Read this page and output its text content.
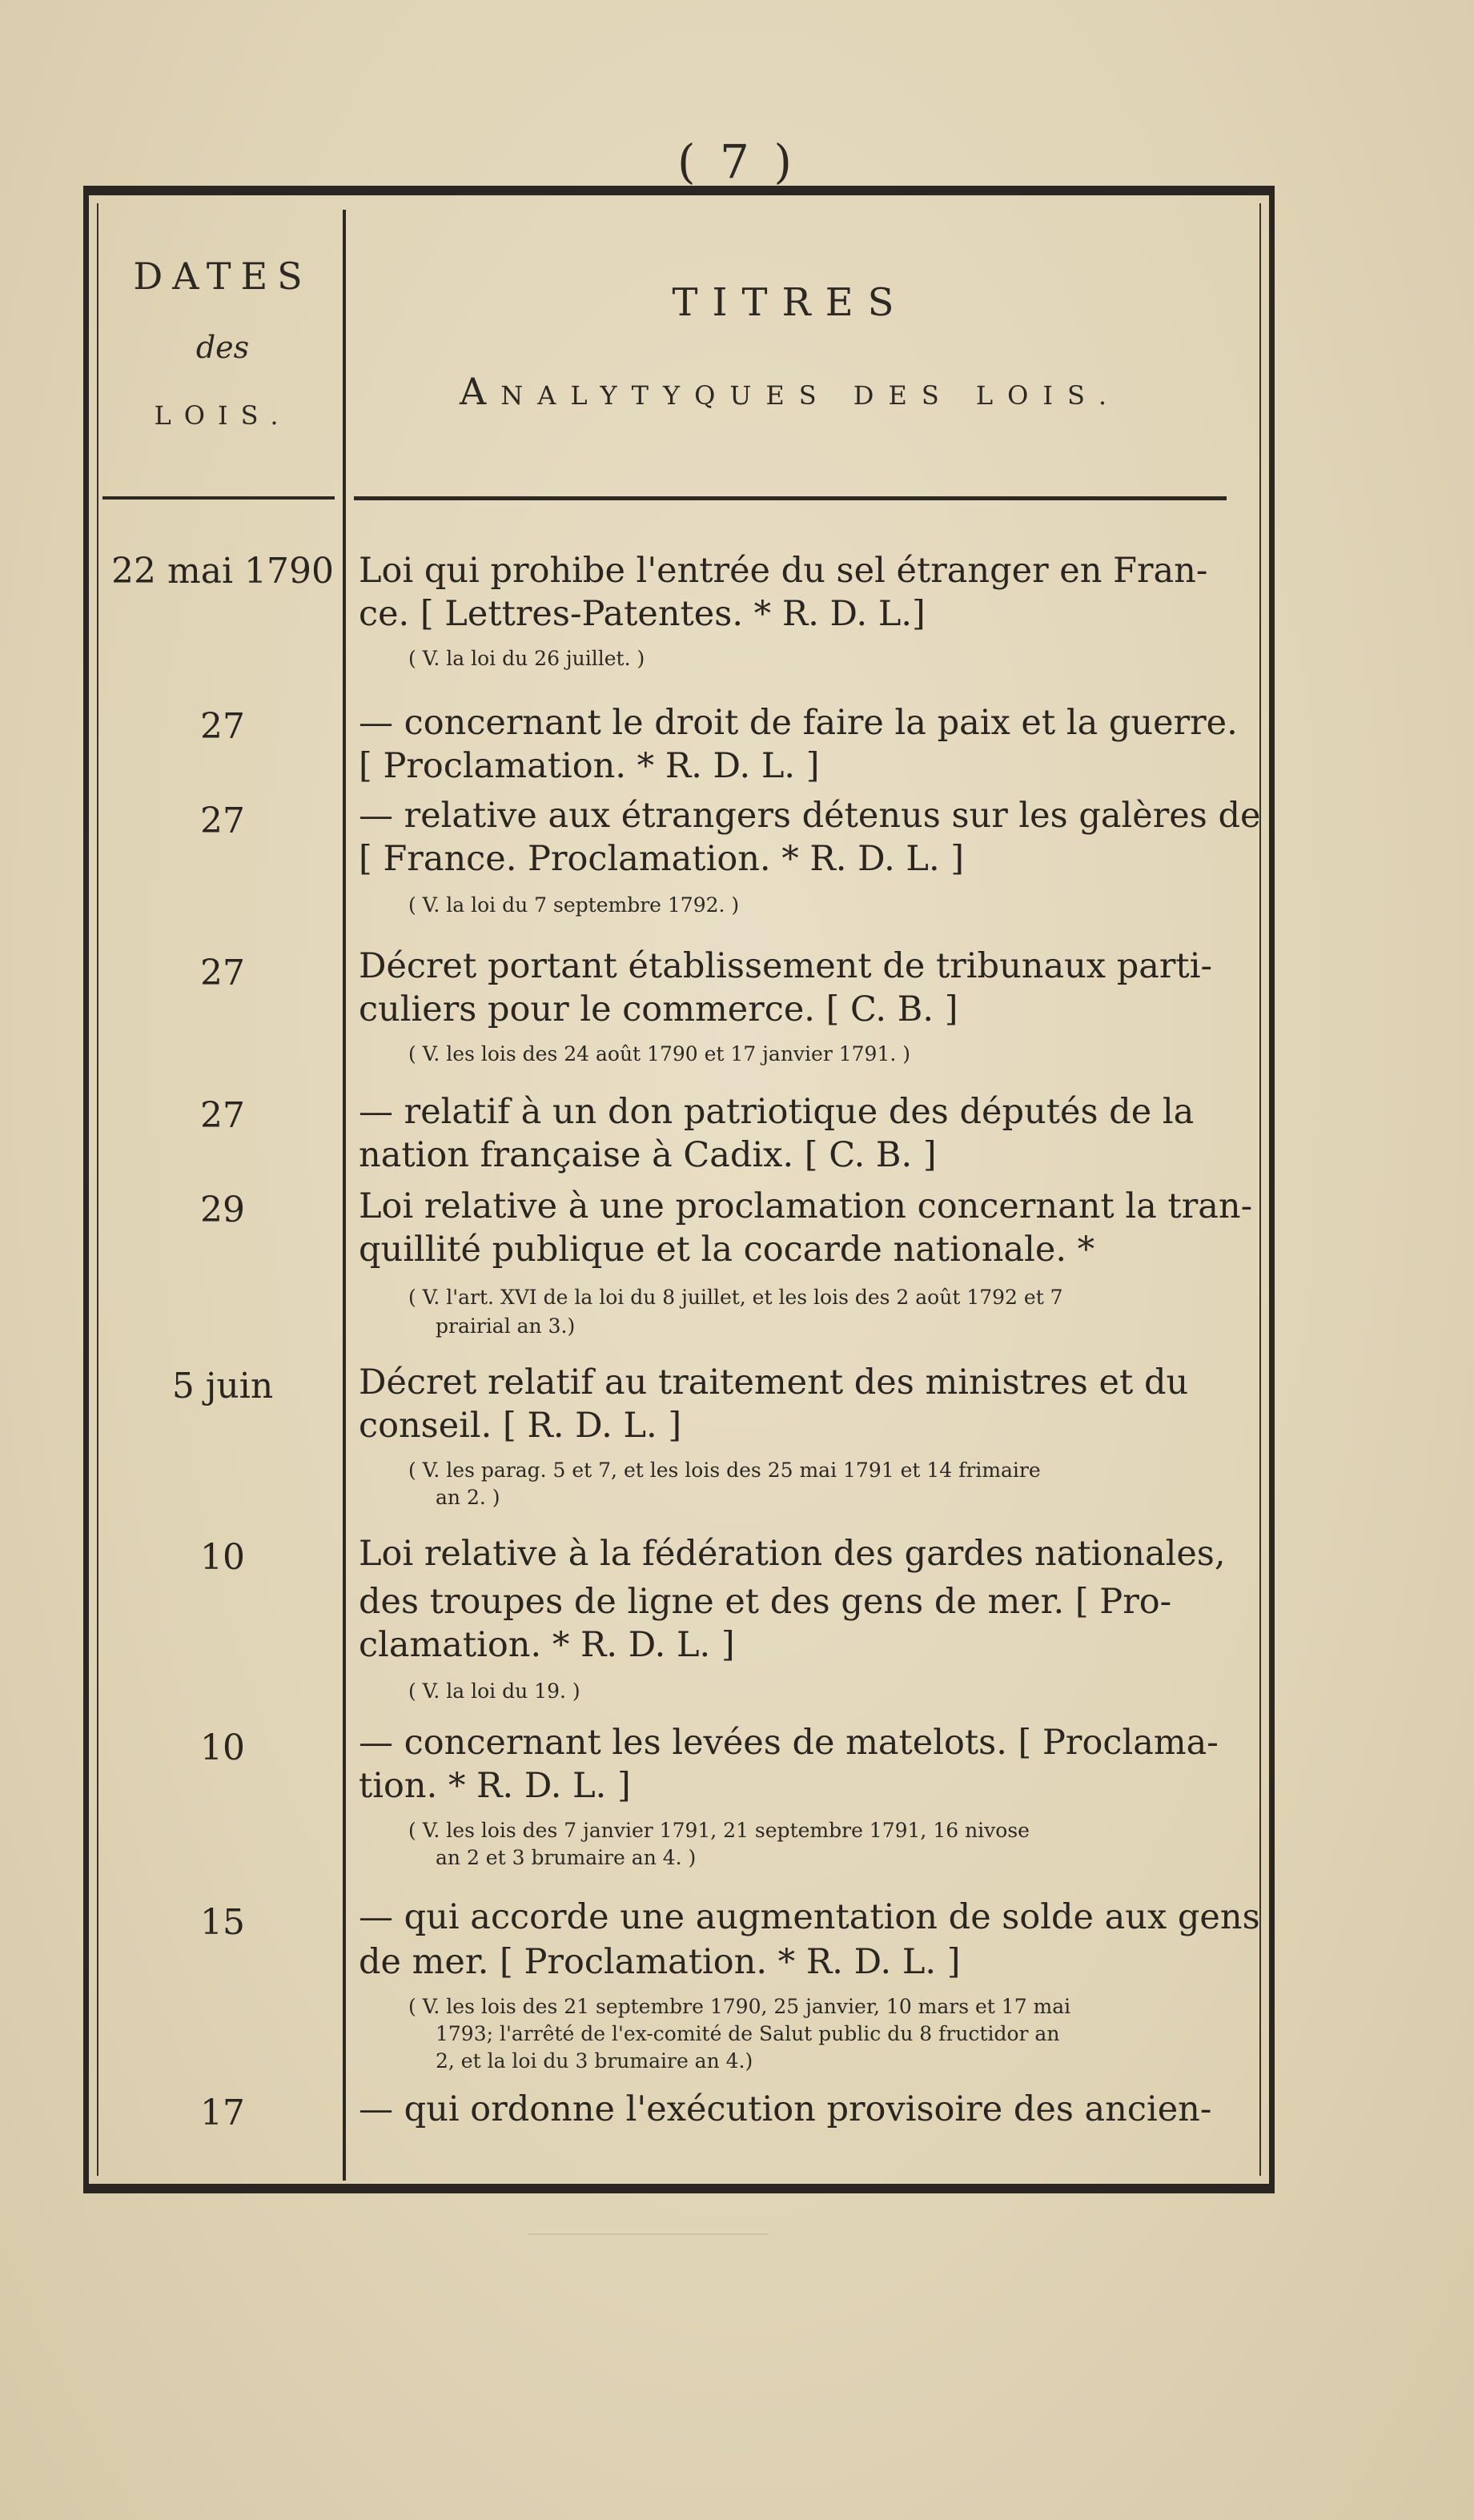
( 7 )
DATES
des
LOIS.
TITRES
ANALYTYQUES DES LOIS.
22 mai 1790 Loi qui prohibe l'entrée du sel étranger en Fran-
ce. [ Lettres-Patentes. * R. D. L.]
( V. la loi du 26 juillet. )
27	— concernant le droit de faire la paix et la guerre.
[ Proclamation. * R. D. L. ]
27	— relative aux étrangers détenus sur les galères de
[ France. Proclamation. * R. D. L. ]
( V. la loi du 7 septembre 1792. )
27	Décret portant établissement de tribunaux parti-
culiers pour le commerce. [ C. B. ]
( V. les lois des 24 août 1790 et 17 janvier 1791. )
27	— relatif à un don patriotique des députés de la
nation française à Cadix. [ C. B. ]
29	Loi relative à une proclamation concernant la tran-
quillité publique et la cocarde nationale. *
( V. l'art. XVI de la loi du 8 juillet, et les lois des 2 août 1792 et 7
prairial an 3.)
5 juin	Décret relatif au traitement des ministres et du
conseil. [ R. D. L. ]
( V. les parag. 5 et 7, et les lois des 25 mai 1791 et 14 frimaire
an 2. )
10	Loi relative à la fédération des gardes nationales,
des troupes de ligne et des gens de mer. [ Pro-
clamation. * R. D. L. ]
( V. la loi du 19. )
10	— concernant les levées de matelots. [ Proclama-
tion. * R. D. L. ]
( V. les lois des 7 janvier 1791, 21 septembre 1791, 16 nivose
an 2 et 3 brumaire an 4. )
15	— qui accorde une augmentation de solde aux gens
de mer. [ Proclamation. * R. D. L. ]
( V. les lois des 21 septembre 1790, 25 janvier, 10 mars et 17 mai
1793; l'arrêté de l'ex-comité de Salut public du 8 fructidor an
2, et la loi du 3 brumaire an 4.)
17	— qui ordonne l'exécution provisoire des ancien-
